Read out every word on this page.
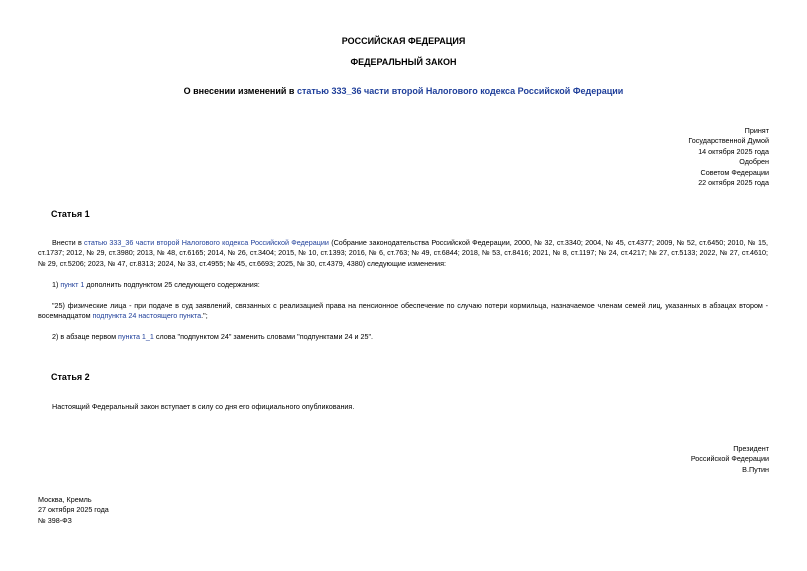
РОССИЙСКАЯ ФЕДЕРАЦИЯ
ФЕДЕРАЛЬНЫЙ ЗАКОН
О внесении изменений в статью 333_36 части второй Налогового кодекса Российской Федерации
Принят
Государственной Думой
14 октября 2025 года
Одобрен
Советом Федерации
22 октября 2025 года
Статья 1
Внести в статью 333_36 части второй Налогового кодекса Российской Федерации (Собрание законодательства Российской Федерации, 2000, № 32, ст.3340; 2004, № 45, ст.4377; 2009, № 52, ст.6450; 2010, № 15, ст.1737; 2012, № 29, ст.3980; 2013, № 48, ст.6165; 2014, № 26, ст.3404; 2015, № 10, ст.1393; 2016, № 6, ст.763; № 49, ст.6844; 2018, № 53, ст.8416; 2021, № 8, ст.1197; № 24, ст.4217; № 27, ст.5133; 2022, № 27, ст.4610; № 29, ст.5206; 2023, № 47, ст.8313; 2024, № 33, ст.4955; № 45, ст.6693; 2025, № 30, ст.4379, 4380) следующие изменения:
1) пункт 1 дополнить подпунктом 25 следующего содержания:
"25) физические лица - при подаче в суд заявлений, связанных с реализацией права на пенсионное обеспечение по случаю потери кормильца, назначаемое членам семей лиц, указанных в абзацах втором - восемнадцатом подпункта 24 настоящего пункта.";
2) в абзаце первом пункта 1_1 слова "подпунктом 24" заменить словами "подпунктами 24 и 25".
Статья 2
Настоящий Федеральный закон вступает в силу со дня его официального опубликования.
Президент
Российской Федерации
В.Путин
Москва, Кремль
27 октября 2025 года
№ 398-ФЗ
